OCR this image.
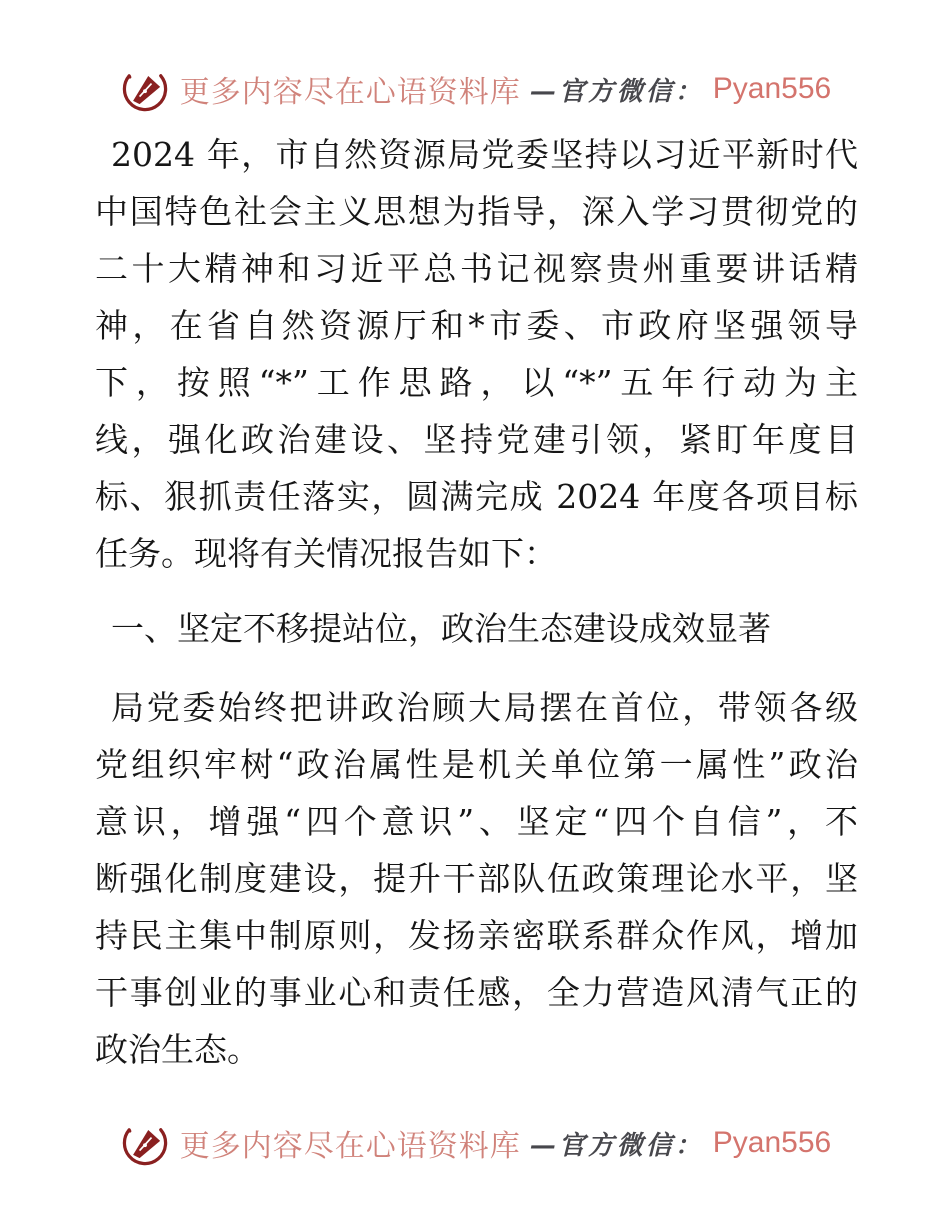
更多内容尽在心语资料库 —官方微信： Pyan556
2024 年，市自然资源局党委坚持以习近平新时代
中国特色社会主义思想为指导，深入学习贯彻党的
二十大精神和习近平总书记视察贵州重要讲话精
神，在省自然资源厅和*市委、市政府坚强领导
下，按照“*”工作思路，以“*”五年行动为主
线，强化政治建设、坚持党建引领，紧盯年度目
标、狠抓责任落实，圆满完成 2024 年度各项目标
任务。现将有关情况报告如下：
一、坚定不移提站位，政治生态建设成效显著
局党委始终把讲政治顾大局摆在首位，带领各级
党组织牢树“政治属性是机关单位第一属性”政治
意识，增强“四个意识”、坚定“四个自信”，不
断强化制度建设，提升干部队伍政策理论水平，坚
持民主集中制原则，发扬亲密联系群众作风，增加
干事创业的事业心和责任感，全力营造风清气正的
政治生态。
更多内容尽在心语资料库 —官方微信： Pyan556
